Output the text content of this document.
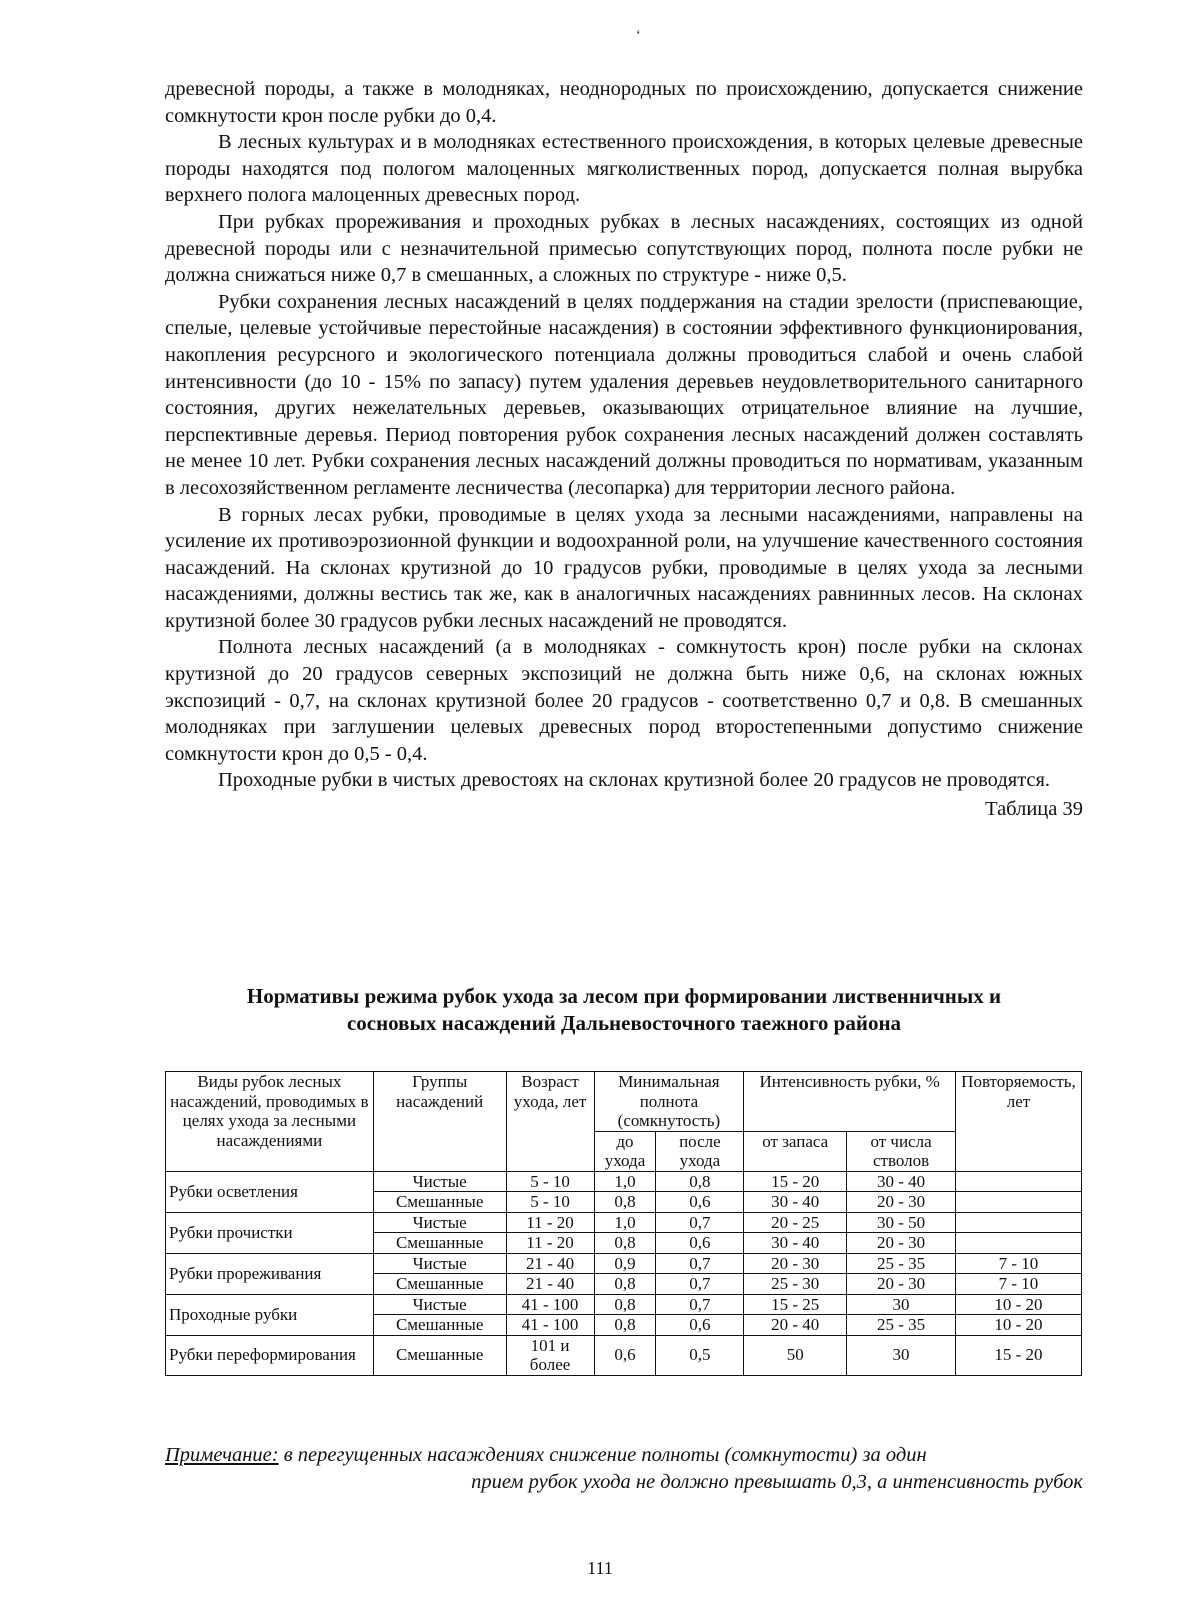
‘

древесной породы, а также в молодняках, неоднородных по происхождению, допускается снижение сомкнутости крон после рубки до 0,4.

В лесных культурах и в молодняках естественного происхождения, в которых целевые древесные породы находятся под пологом малоценных мягколиственных пород, допускается полная вырубка верхнего полога малоценных древесных пород.

При рубках прореживания и проходных рубках в лесных насаждениях, состоящих из одной древесной породы или с незначительной примесью сопутствующих пород, полнота после рубки не должна снижаться ниже 0,7 в смешанных, а сложных по структуре - ниже 0,5.

Рубки сохранения лесных насаждений в целях поддержания на стадии зрелости (приспевающие, спелые, целевые устойчивые перестойные насаждения) в состоянии эффективного функционирования, накопления ресурсного и экологического потенциала должны проводиться слабой и очень слабой интенсивности (до 10 - 15% по запасу) путем удаления деревьев неудовлетворительного санитарного состояния, других нежелательных деревьев, оказывающих отрицательное влияние на лучшие, перспективные деревья. Период повторения рубок сохранения лесных насаждений должен составлять не менее 10 лет. Рубки сохранения лесных насаждений должны проводиться по нормативам, указанным в лесохозяйственном регламенте лесничества (лесопарка) для территории лесного района.

В горных лесах рубки, проводимые в целях ухода за лесными насаждениями, направлены на усиление их противоэрозионной функции и водоохранной роли, на улучшение качественного состояния насаждений. На склонах крутизной до 10 градусов рубки, проводимые в целях ухода за лесными насаждениями, должны вестись так же, как в аналогичных насаждениях равнинных лесов. На склонах крутизной более 30 градусов рубки лесных насаждений не проводятся.

Полнота лесных насаждений (а в молодняках - сомкнутость крон) после рубки на склонах крутизной до 20 градусов северных экспозиций не должна быть ниже 0,6, на склонах южных экспозиций - 0,7, на склонах крутизной более 20 градусов - соответственно 0,7 и 0,8. В смешанных молодняках при заглушении целевых древесных пород второстепенными допустимо снижение сомкнутости крон до 0,5 - 0,4.

Проходные рубки в чистых древостоях на склонах крутизной более 20 градусов не проводятся.

Таблица 39
Нормативы режима рубок ухода за лесом при формировании лиственничных и
сосновых насаждений Дальневосточного таежного района
Виды рубок лесных насаждений, проводимых в целях ухода за лесными насаждениями	Группы насаждений	Возраст ухода, лет	Минимальная полнота (сомкнутость)		Интенсивность рубки, %		Повторяемость, лет
			до ухода	после ухода	от запаса	от числа стволов	
Рубки осветления	Чистые	5 - 10	1,0	0,8	15 - 20	30 - 40	
	Смешанные	5 - 10	0,8	0,6	30 - 40	20 - 30	
Рубки прочистки	Чистые	11 - 20	1,0	0,7	20 - 25	30 - 50	
	Смешанные	11 - 20	0,8	0,6	30 - 40	20 - 30	
Рубки прореживания	Чистые	21 - 40	0,9	0,7	20 - 30	25 - 35	7 - 10
	Смешанные	21 - 40	0,8	0,7	25 - 30	20 - 30	7 - 10
Проходные рубки	Чистые	41 - 100	0,8	0,7	15 - 25	30	10 - 20
	Смешанные	41 - 100	0,8	0,6	20 - 40	25 - 35	10 - 20
Рубки переформирования	Смешанные	101 и более	0,6	0,5	50	30	15 - 20
Примечание: в перегущенных насаждениях снижение полноты (сомкнутости) за один
прием рубок ухода не должно превышать 0,3, а интенсивность рубок
111
